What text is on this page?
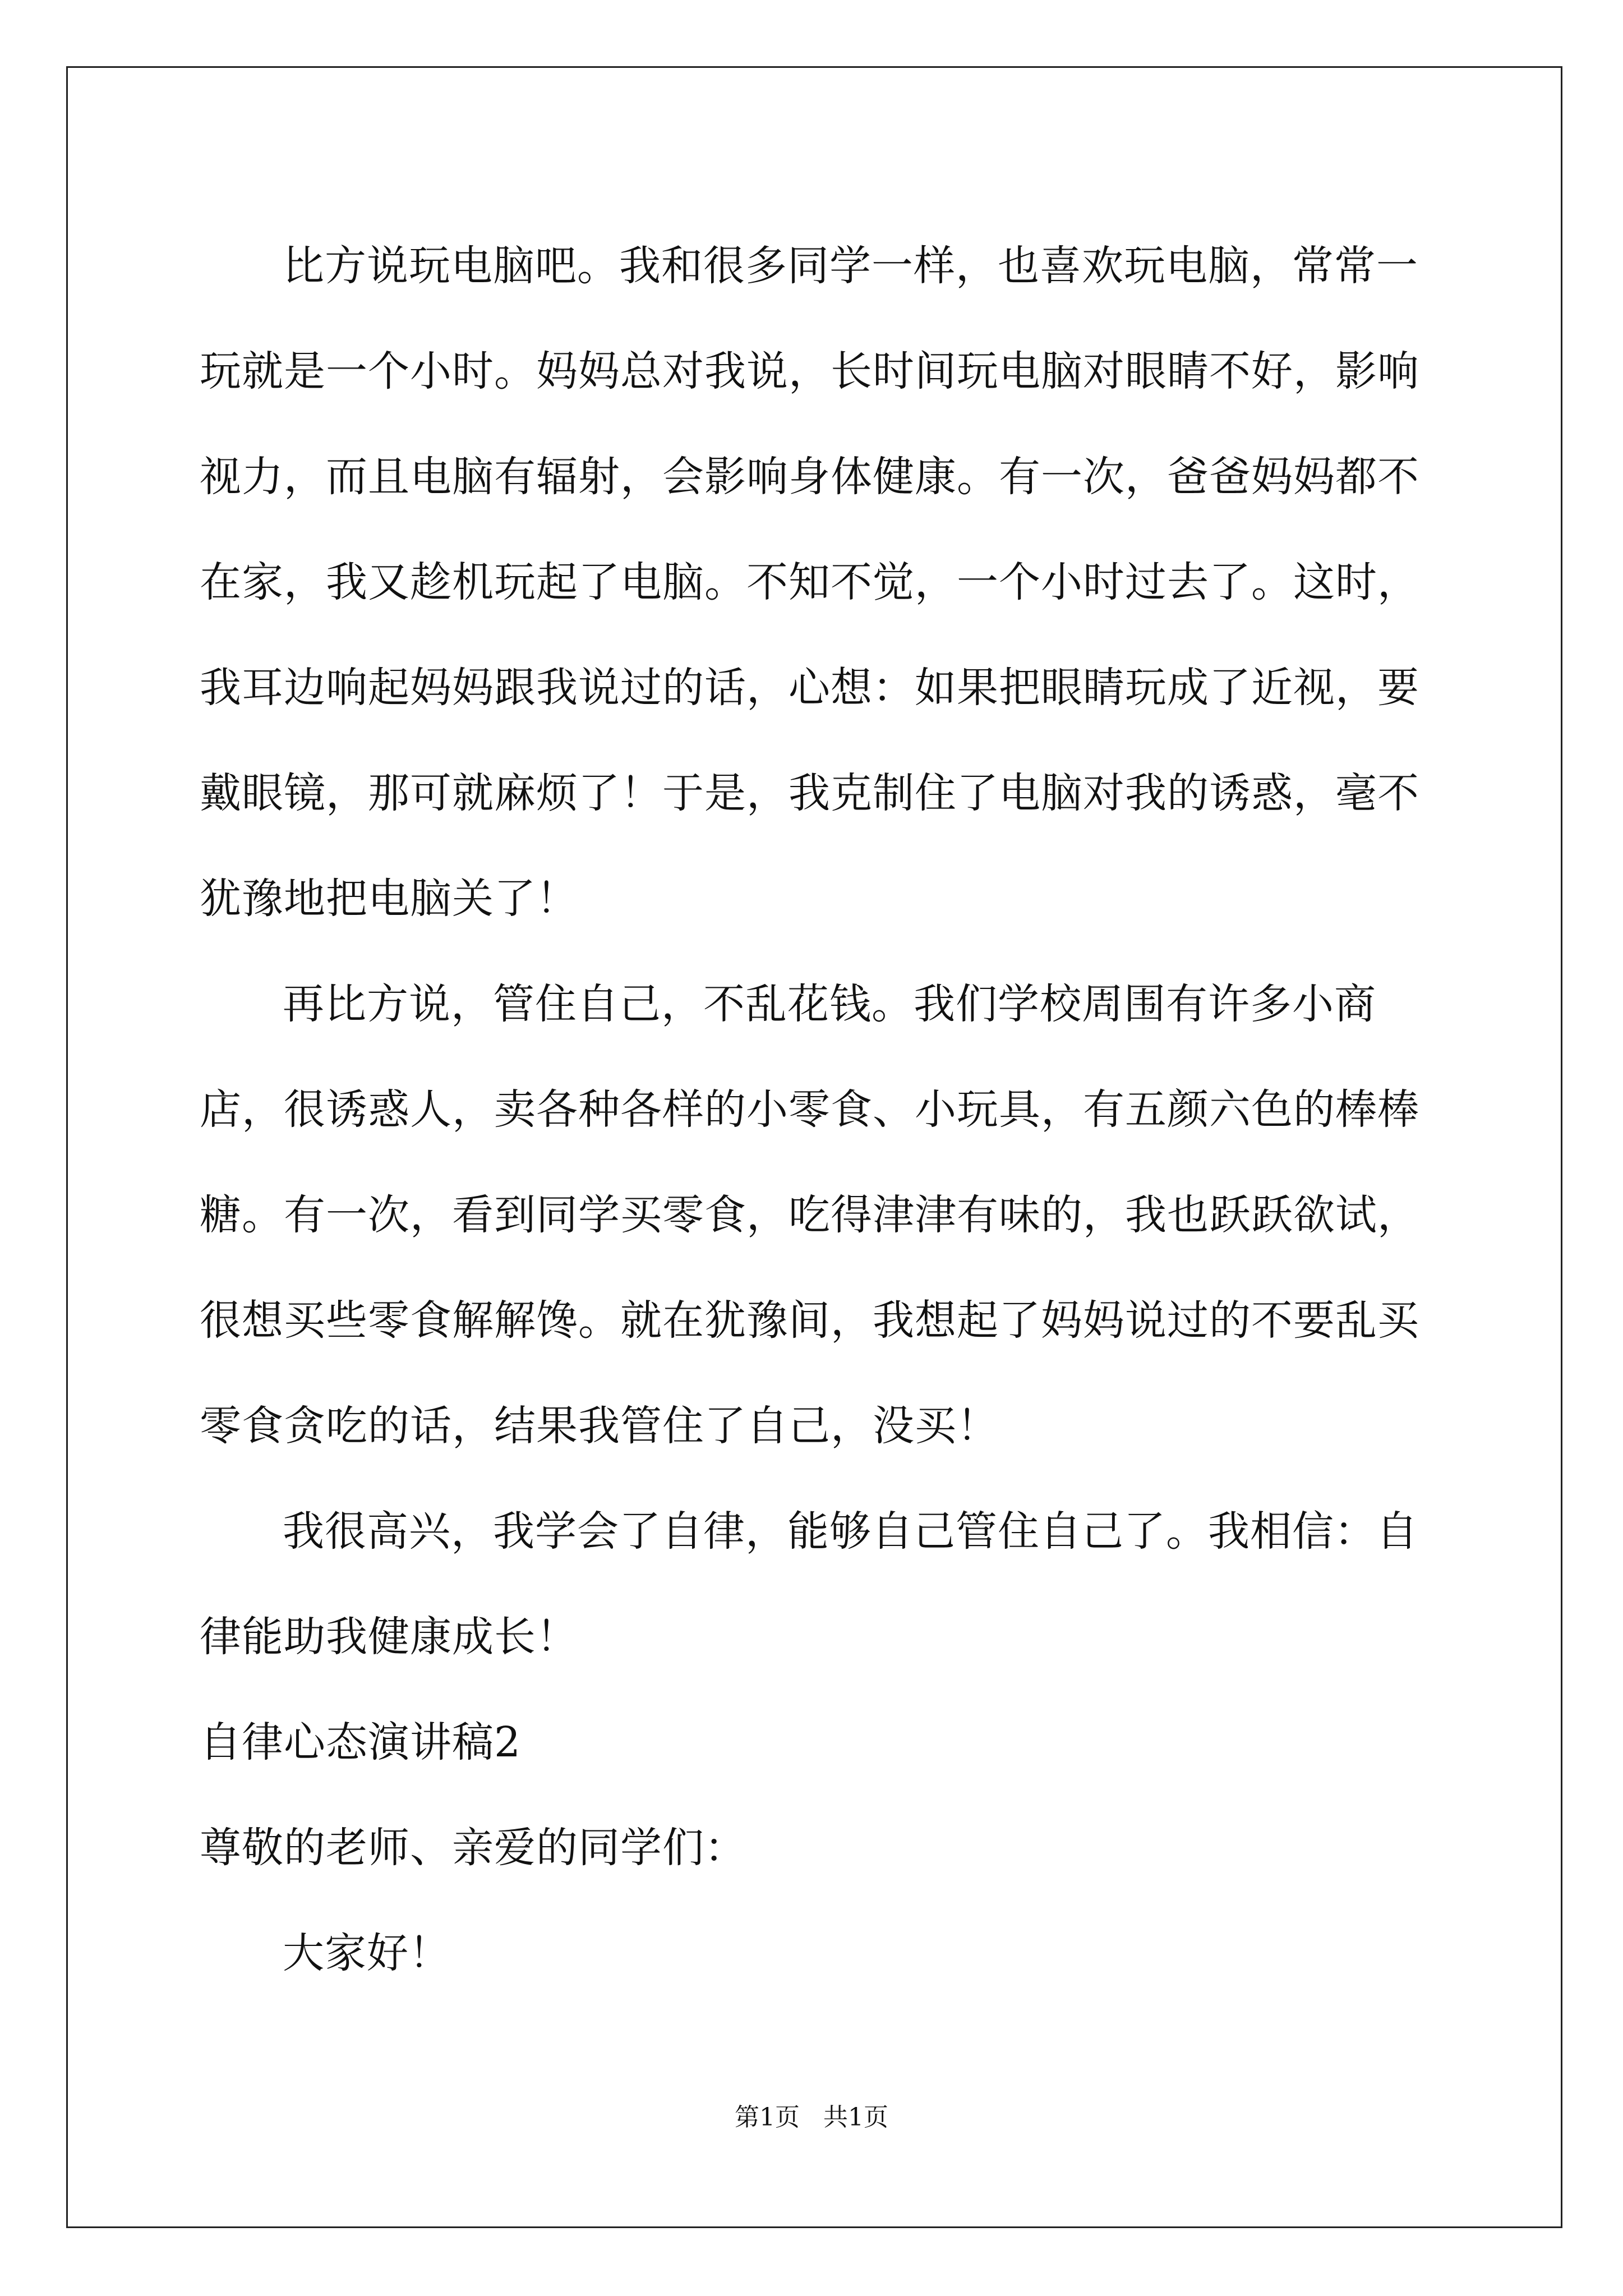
比方说玩电脑吧。我和很多同学一样，也喜欢玩电脑，常常一玩就是一个小时。妈妈总对我说，长时间玩电脑对眼睛不好，影响视力，而且电脑有辐射，会影响身体健康。有一次，爸爸妈妈都不在家，我又趁机玩起了电脑。不知不觉，一个小时过去了。这时，我耳边响起妈妈跟我说过的话，心想：如果把眼睛玩成了近视，要戴眼镜，那可就麻烦了！于是，我克制住了电脑对我的诱惑，毫不犹豫地把电脑关了！

再比方说，管住自己，不乱花钱。我们学校周围有许多小商店，很诱惑人，卖各种各样的小零食、小玩具，有五颜六色的棒棒糖。有一次，看到同学买零食，吃得津津有味的，我也跃跃欲试，很想买些零食解解馋。就在犹豫间，我想起了妈妈说过的不要乱买零食贪吃的话，结果我管住了自己，没买！

我很高兴，我学会了自律，能够自己管住自己了。我相信：自律能助我健康成长！

自律心态演讲稿2

尊敬的老师、亲爱的同学们：

大家好！

第1页   共1页
